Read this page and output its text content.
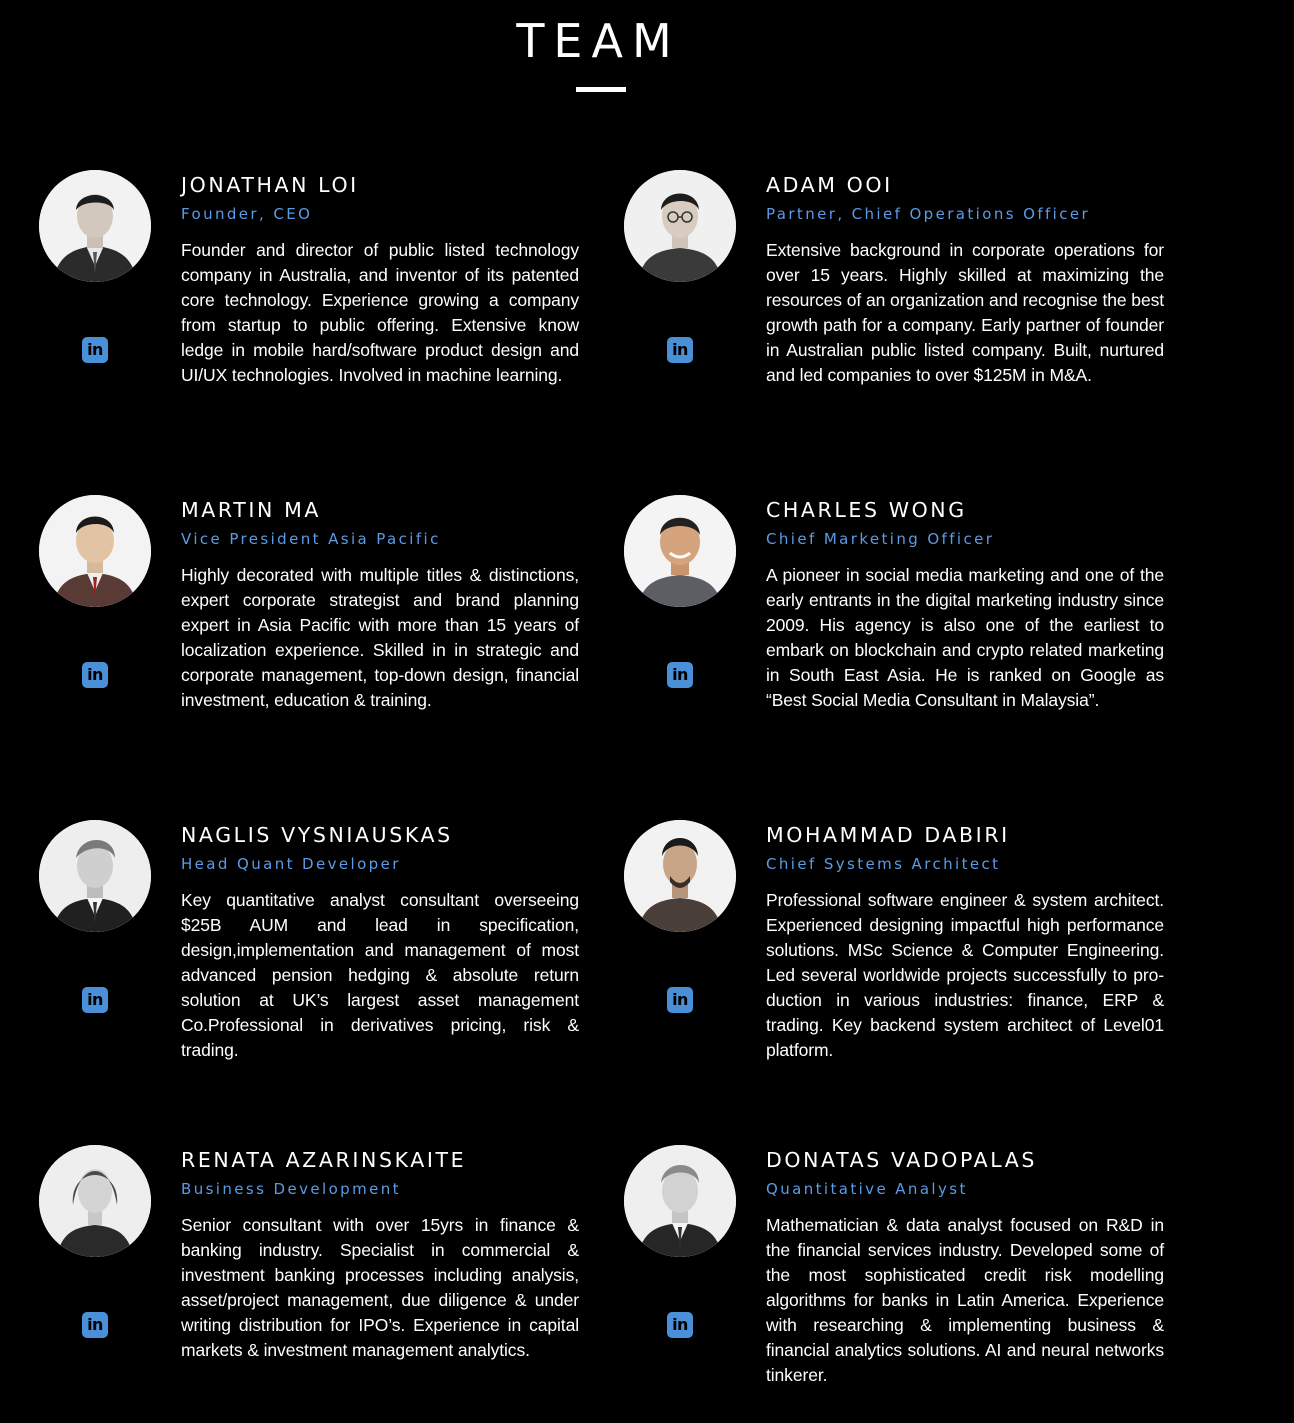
TEAM
in
JONATHAN LOI
Founder, CEO

Founder and director of public listed technology company in Australia, and inventor of its patented core technology. Experience growing a company from startup to public offering. Extensive know ledge in mobile hard/software product design and UI/UX technologies. Involved in machine learning.

in
ADAM OOI
Partner, Chief Operations Officer

Extensive background in corporate operations for over 15 years. Highly skilled at maximizing the resources of an organization and recognise the best growth path for a company. Early partner of founder in Australian public listed company. Built, nurtured and led companies to over $125M in M&A.

in
MARTIN MA
Vice President Asia Pacific

Highly decorated with multiple titles & distinctions, expert corporate strategist and brand planning expert in Asia Pacific with more than 15 years of localization experience. Skilled in in strategic and corporate management, top-down design, financial investment, education & training.

in
CHARLES WONG
Chief Marketing Officer

A pioneer in social media marketing and one of the early entrants in the digital marketing industry since 2009. His agency is also one of the earliest to embark on blockchain and crypto related marketing in South East Asia. He is ranked on Google as “Best Social Media Consultant in Malaysia”.

in
NAGLIS VYSNIAUSKAS
Head Quant Developer

Key quantitative analyst consultant overseeing $25B AUM and lead in specification, design,implementation and management of most advanced pension hedging & absolute return solution at UK’s largest asset management Co.Professional in derivatives pricing, risk & trading.

in
MOHAMMAD DABIRI
Chief Systems Architect

Professional software engineer & system architect. Experienced designing impactful high performance solutions. MSc Science & Computer Engineering. Led several worldwide projects successfully to pro- duction in various industries: finance, ERP & trading. Key backend system architect of Level01 platform.

in
RENATA AZARINSKAITE
Business Development

Senior consultant with over 15yrs in finance & banking industry. Specialist in commercial & investment banking processes including analysis, asset/project management, due diligence & under writing distribution for IPO’s. Experience in capital markets & investment management analytics.

in
DONATAS VADOPALAS
Quantitative Analyst

Mathematician & data analyst focused on R&D in the financial services industry. Developed some of the most sophisticated credit risk modelling algorithms for banks in Latin America. Experience with researching & implementing business & financial analytics solutions. AI and neural networks tinkerer.
